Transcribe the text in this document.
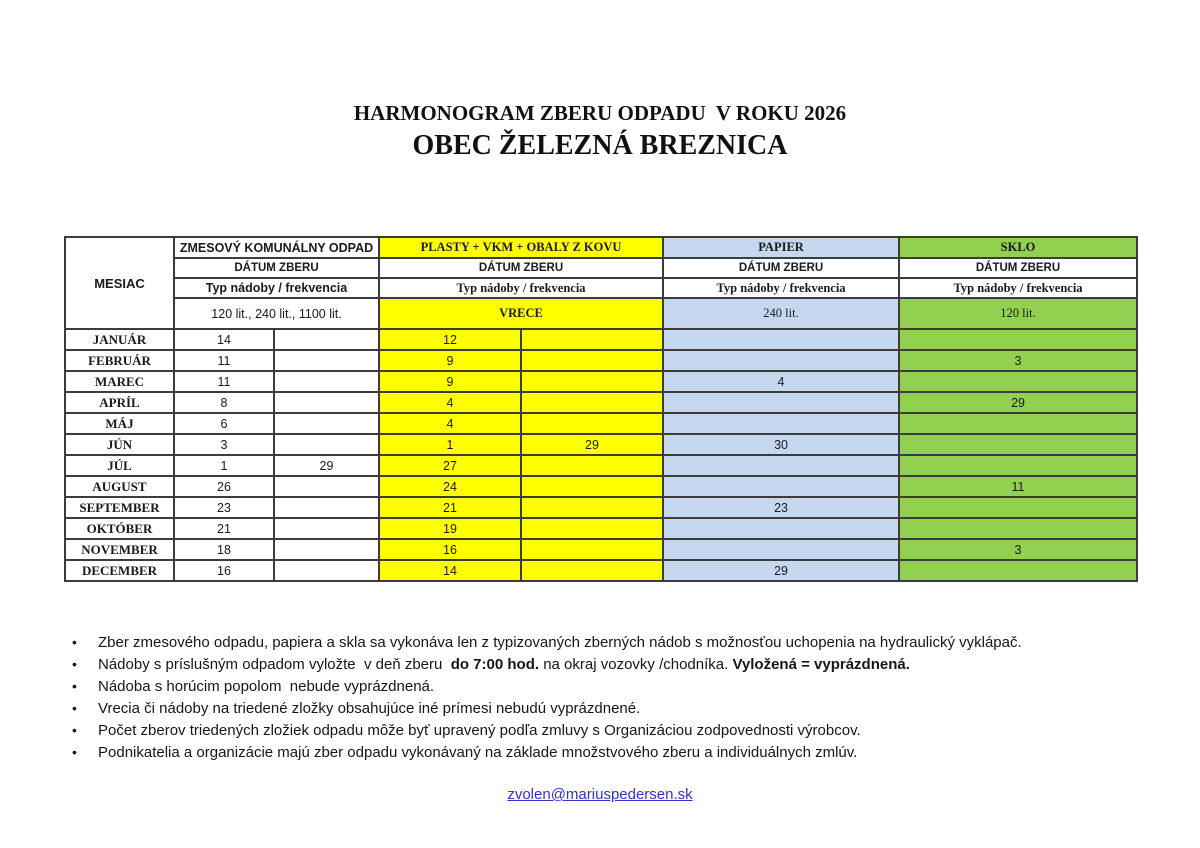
HARMONOGRAM ZBERU ODPADU  V ROKU 2026
OBEC ŽELEZNÁ BREZNICA
MESIAC	ZMESOVÝ KOMUNÁLNY ODPAD		PLASTY + VKM + OBALY Z KOVU		PAPIER	SKLO
	DÁTUM ZBERU		DÁTUM ZBERU		DÁTUM ZBERU	DÁTUM ZBERU
	Typ nádoby / frekvencia		Typ nádoby / frekvencia		Typ nádoby / frekvencia	Typ nádoby / frekvencia
	120 lit., 240 lit., 1100 lit.		VRECE		240 lit.	120 lit.
JANUÁR	14		12			
FEBRUÁR	11		9			3
MAREC	11		9		4	
APRÍL	8		4			29
MÁJ	6		4			
JÚN	3		1	29	30	
JÚL	1	29	27			
AUGUST	26		24			11
SEPTEMBER	23		21		23	
OKTÓBER	21		19			
NOVEMBER	18		16			3
DECEMBER	16		14		29	
•	Zber zmesového odpadu, papiera a skla sa vykonáva len z typizovaných zberných nádob s možnosťou uchopenia na hydraulický vyklápač.
•	Nádoby s príslušným odpadom vyložte  v deň zberu  do 7:00 hod. na okraj vozovky /chodníka. Vyložená = vyprázdnená.
•	Nádoba s horúcim popolom  nebude vyprázdnená.
•	Vrecia či nádoby na triedené zložky obsahujúce iné prímesi nebudú vyprázdnené.
•	Počet zberov triedených zložiek odpadu môže byť upravený podľa zmluvy s Organizáciou zodpovednosti výrobcov.
•	Podnikatelia a organizácie majú zber odpadu vykonávaný na základe množstvového zberu a individuálnych zmlúv.
zvolen@mariuspedersen.sk
